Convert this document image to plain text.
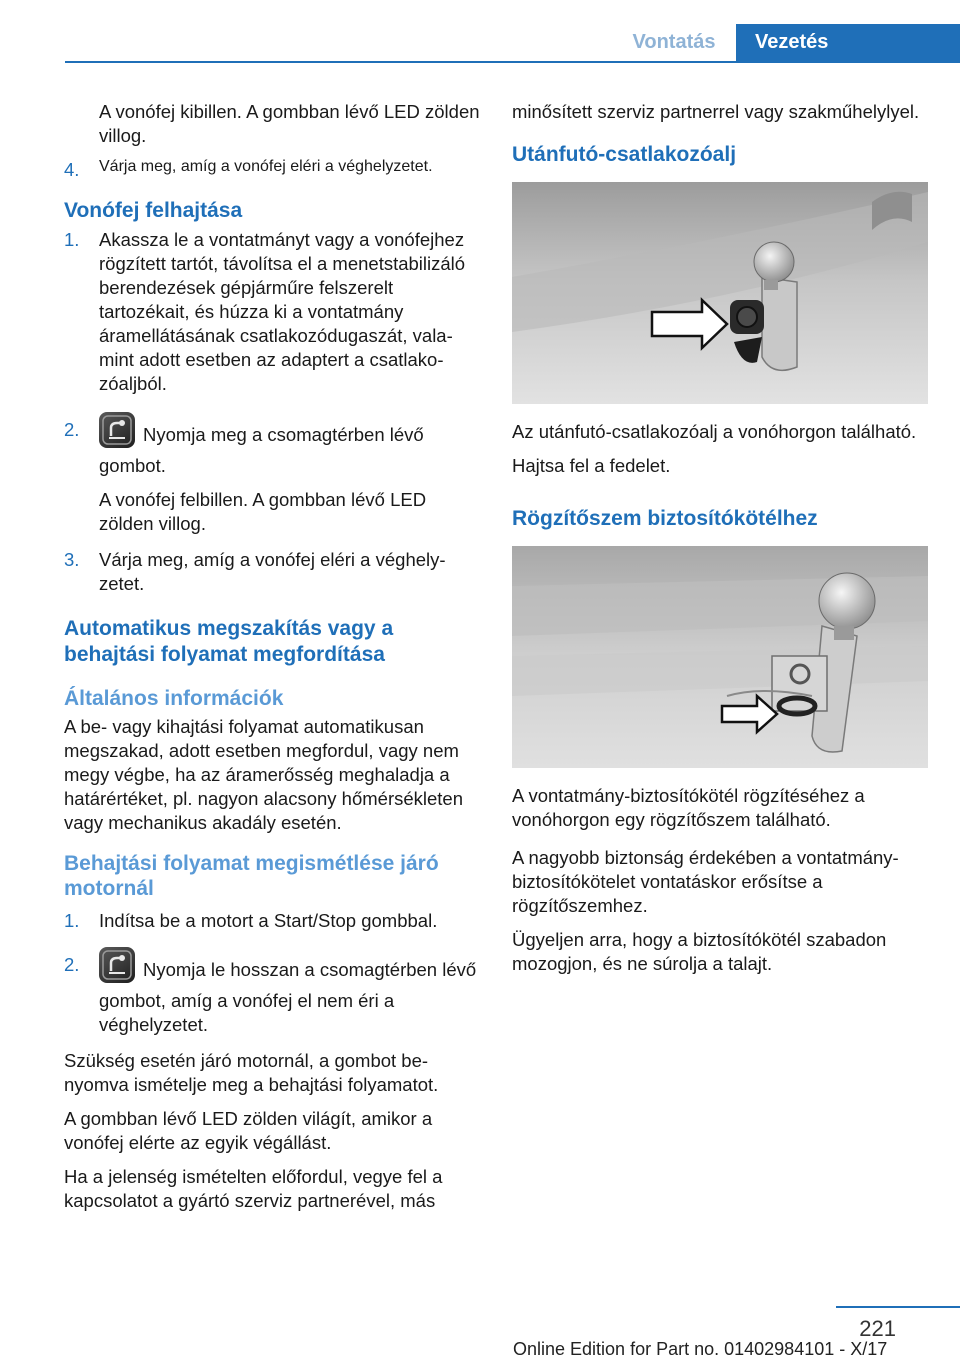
Vontatás	Vezetés

A vonófej kibillen. A gombban lévő LED zölden villog.

4. Várja meg, amíg a vonófej eléri a véghelyzetet.
Vonófej felhajtása
1. Akassza le a vontatmányt vagy a vonófejhez rögzített tartót, távolítsa el a menetstabilizáló berendezések gépjárműre felszerelt tartozékait, és húzza ki a vontatmány áramellátásának csatlakozódugaszát, valamint adott esetben az adaptert a csatlakozóaljból.
2.	Nyomja meg a csomagtérben lévő gombot.
A vonófej felbillen. A gombban lévő LED zölden villog.
3. Várja meg, amíg a vonófej eléri a véghelyzetet.
Automatikus megszakítás vagy a behajtási folyamat megfordítása
Általános információk

A be- vagy kihajtási folyamat automatikusan megszakad, adott esetben megfordul, vagy nem megy végbe, ha az áramerősség meghaladja a határértéket, pl. nagyon alacsony hőmérsékleten vagy mechanikus akadály esetén.

Behajtási folyamat megismétlése járó motornál
1. Indítsa be a motort a Start/Stop gombbal.
2.	Nyomja le hosszan a csomagtérben lévő gombot, amíg a vonófej el nem éri a véghelyzetet.

Szükség esetén járó motornál, a gombot benyomva ismételje meg a behajtási folyamatot.

A gombban lévő LED zölden világít, amikor a vonófej elérte az egyik végállást.

Ha a jelenség ismételten előfordul, vegye fel a kapcsolatot a gyártó szerviz partnerével, más

minősített szerviz partnerrel vagy szakműhelylyel.

Utánfutó-csatlakozóalj

Az utánfutó-csatlakozóalj a vonóhorgon található.

Hajtsa fel a fedelet.

Rögzítőszem biztosítókötélhez

A vontatmány-biztosítókötél rögzítéséhez a vonóhorgon egy rögzítőszem található.

A nagyobb biztonság érdekében a vontatmány-biztosítókötelet vontatáskor erősítse a rögzítőszemhez.

Ügyeljen arra, hogy a biztosítókötél szabadon mozogjon, és ne súrolja a talajt.

221
Online Edition for Part no. 01402984101 - X/17
